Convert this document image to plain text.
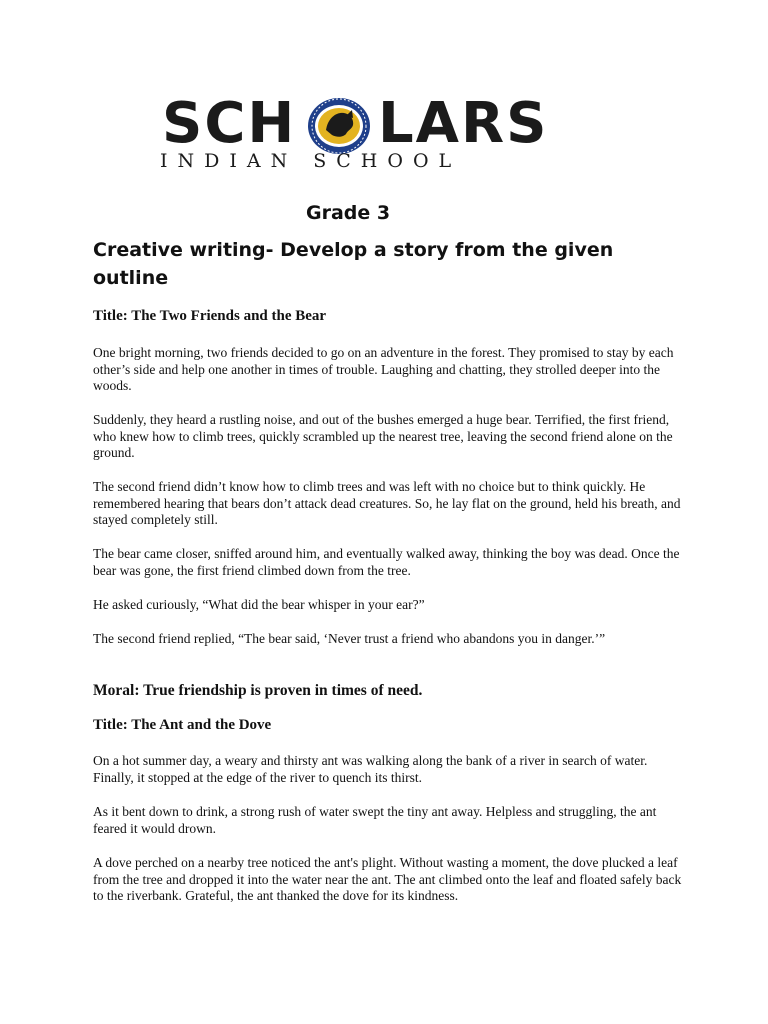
SCH LARS
INDIAN SCHOOL
Grade 3
Creative writing- Develop a story from the given outline
Title: The Two Friends and the Bear
One bright morning, two friends decided to go on an adventure in the forest. They promised to stay by each other’s side and help one another in times of trouble. Laughing and chatting, they strolled deeper into the woods.
Suddenly, they heard a rustling noise, and out of the bushes emerged a huge bear. Terrified, the first friend, who knew how to climb trees, quickly scrambled up the nearest tree, leaving the second friend alone on the ground.
The second friend didn’t know how to climb trees and was left with no choice but to think quickly. He remembered hearing that bears don’t attack dead creatures. So, he lay flat on the ground, held his breath, and stayed completely still.
The bear came closer, sniffed around him, and eventually walked away, thinking the boy was dead. Once the bear was gone, the first friend climbed down from the tree.
He asked curiously, “What did the bear whisper in your ear?”
The second friend replied, “The bear said, ‘Never trust a friend who abandons you in danger.’”
Moral: True friendship is proven in times of need.
Title: The Ant and the Dove
On a hot summer day, a weary and thirsty ant was walking along the bank of a river in search of water. Finally, it stopped at the edge of the river to quench its thirst.
As it bent down to drink, a strong rush of water swept the tiny ant away. Helpless and struggling, the ant feared it would drown.
A dove perched on a nearby tree noticed the ant's plight. Without wasting a moment, the dove plucked a leaf from the tree and dropped it into the water near the ant. The ant climbed onto the leaf and floated safely back to the riverbank. Grateful, the ant thanked the dove for its kindness.
